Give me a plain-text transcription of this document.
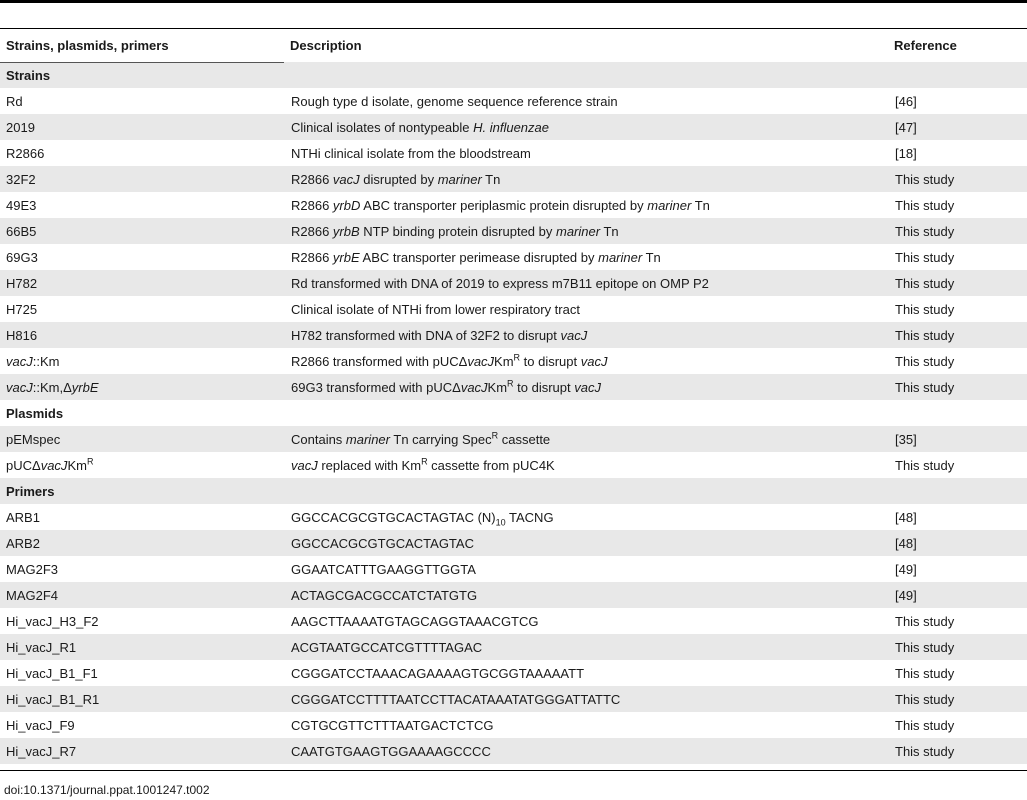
Strains, plasmids, primers	Description	Reference
Strains		
Rd	Rough type d isolate, genome sequence reference strain	[46]
2019	Clinical isolates of nontypeable H. influenzae	[47]
R2866	NTHi clinical isolate from the bloodstream	[18]
32F2	R2866 vacJ disrupted by mariner Tn	This study
49E3	R2866 yrbD ABC transporter periplasmic protein disrupted by mariner Tn	This study
66B5	R2866 yrbB NTP binding protein disrupted by mariner Tn	This study
69G3	R2866 yrbE ABC transporter perimease disrupted by mariner Tn	This study
H782	Rd transformed with DNA of 2019 to express m7B11 epitope on OMP P2	This study
H725	Clinical isolate of NTHi from lower respiratory tract	This study
H816	H782 transformed with DNA of 32F2 to disrupt vacJ	This study
vacJ::Km	R2866 transformed with pUCΔvacJKm$^R$ to disrupt vacJ	This study
vacJ::Km,ΔyrbE	69G3 transformed with pUCΔvacJKm$^R$ to disrupt vacJ	This study
Plasmids		
pEMspec	Contains mariner Tn carrying Spec$^R$ cassette	[35]
pUCΔvacJKm$^R$	vacJ replaced with $Km^R$ cassette from pUC4K	This study
Primers		
ARB1	GGCCACGCGTGCACTAGTAC $(N)_{10}$ TACNG	[48]
ARB2	GGCCACGCGTGCACTAGTAC	[48]
MAG2F3	GGAATCATTTGAAGGTTGGTA	[49]
MAG2F4	ACTAGCGACGCCATCTATGTG	[49]
Hi_vacJ_H3_F2	AAGCTTAAAATGTAGCAGGTAAACGTCG	This study
Hi_vacJ_R1	ACGTAATGCCATCGTTTTAGAC	This study
Hi_vacJ_B1_F1	CGGGATCCTAAACAGAAAAGTGCGGTAAAAATT	This study
Hi_vacJ_B1_R1	CGGGATCCTTTTAATCCTTACATAAATATGGGATTATTC	This study
Hi_vacJ_F9	CGTGCGTTCTTTAATGACTCTCG	This study
Hi_vacJ_R7	CAATGTGAAGTGGAAAAGCCCC	This study
doi:10.1371/journal.ppat.1001247.t002
